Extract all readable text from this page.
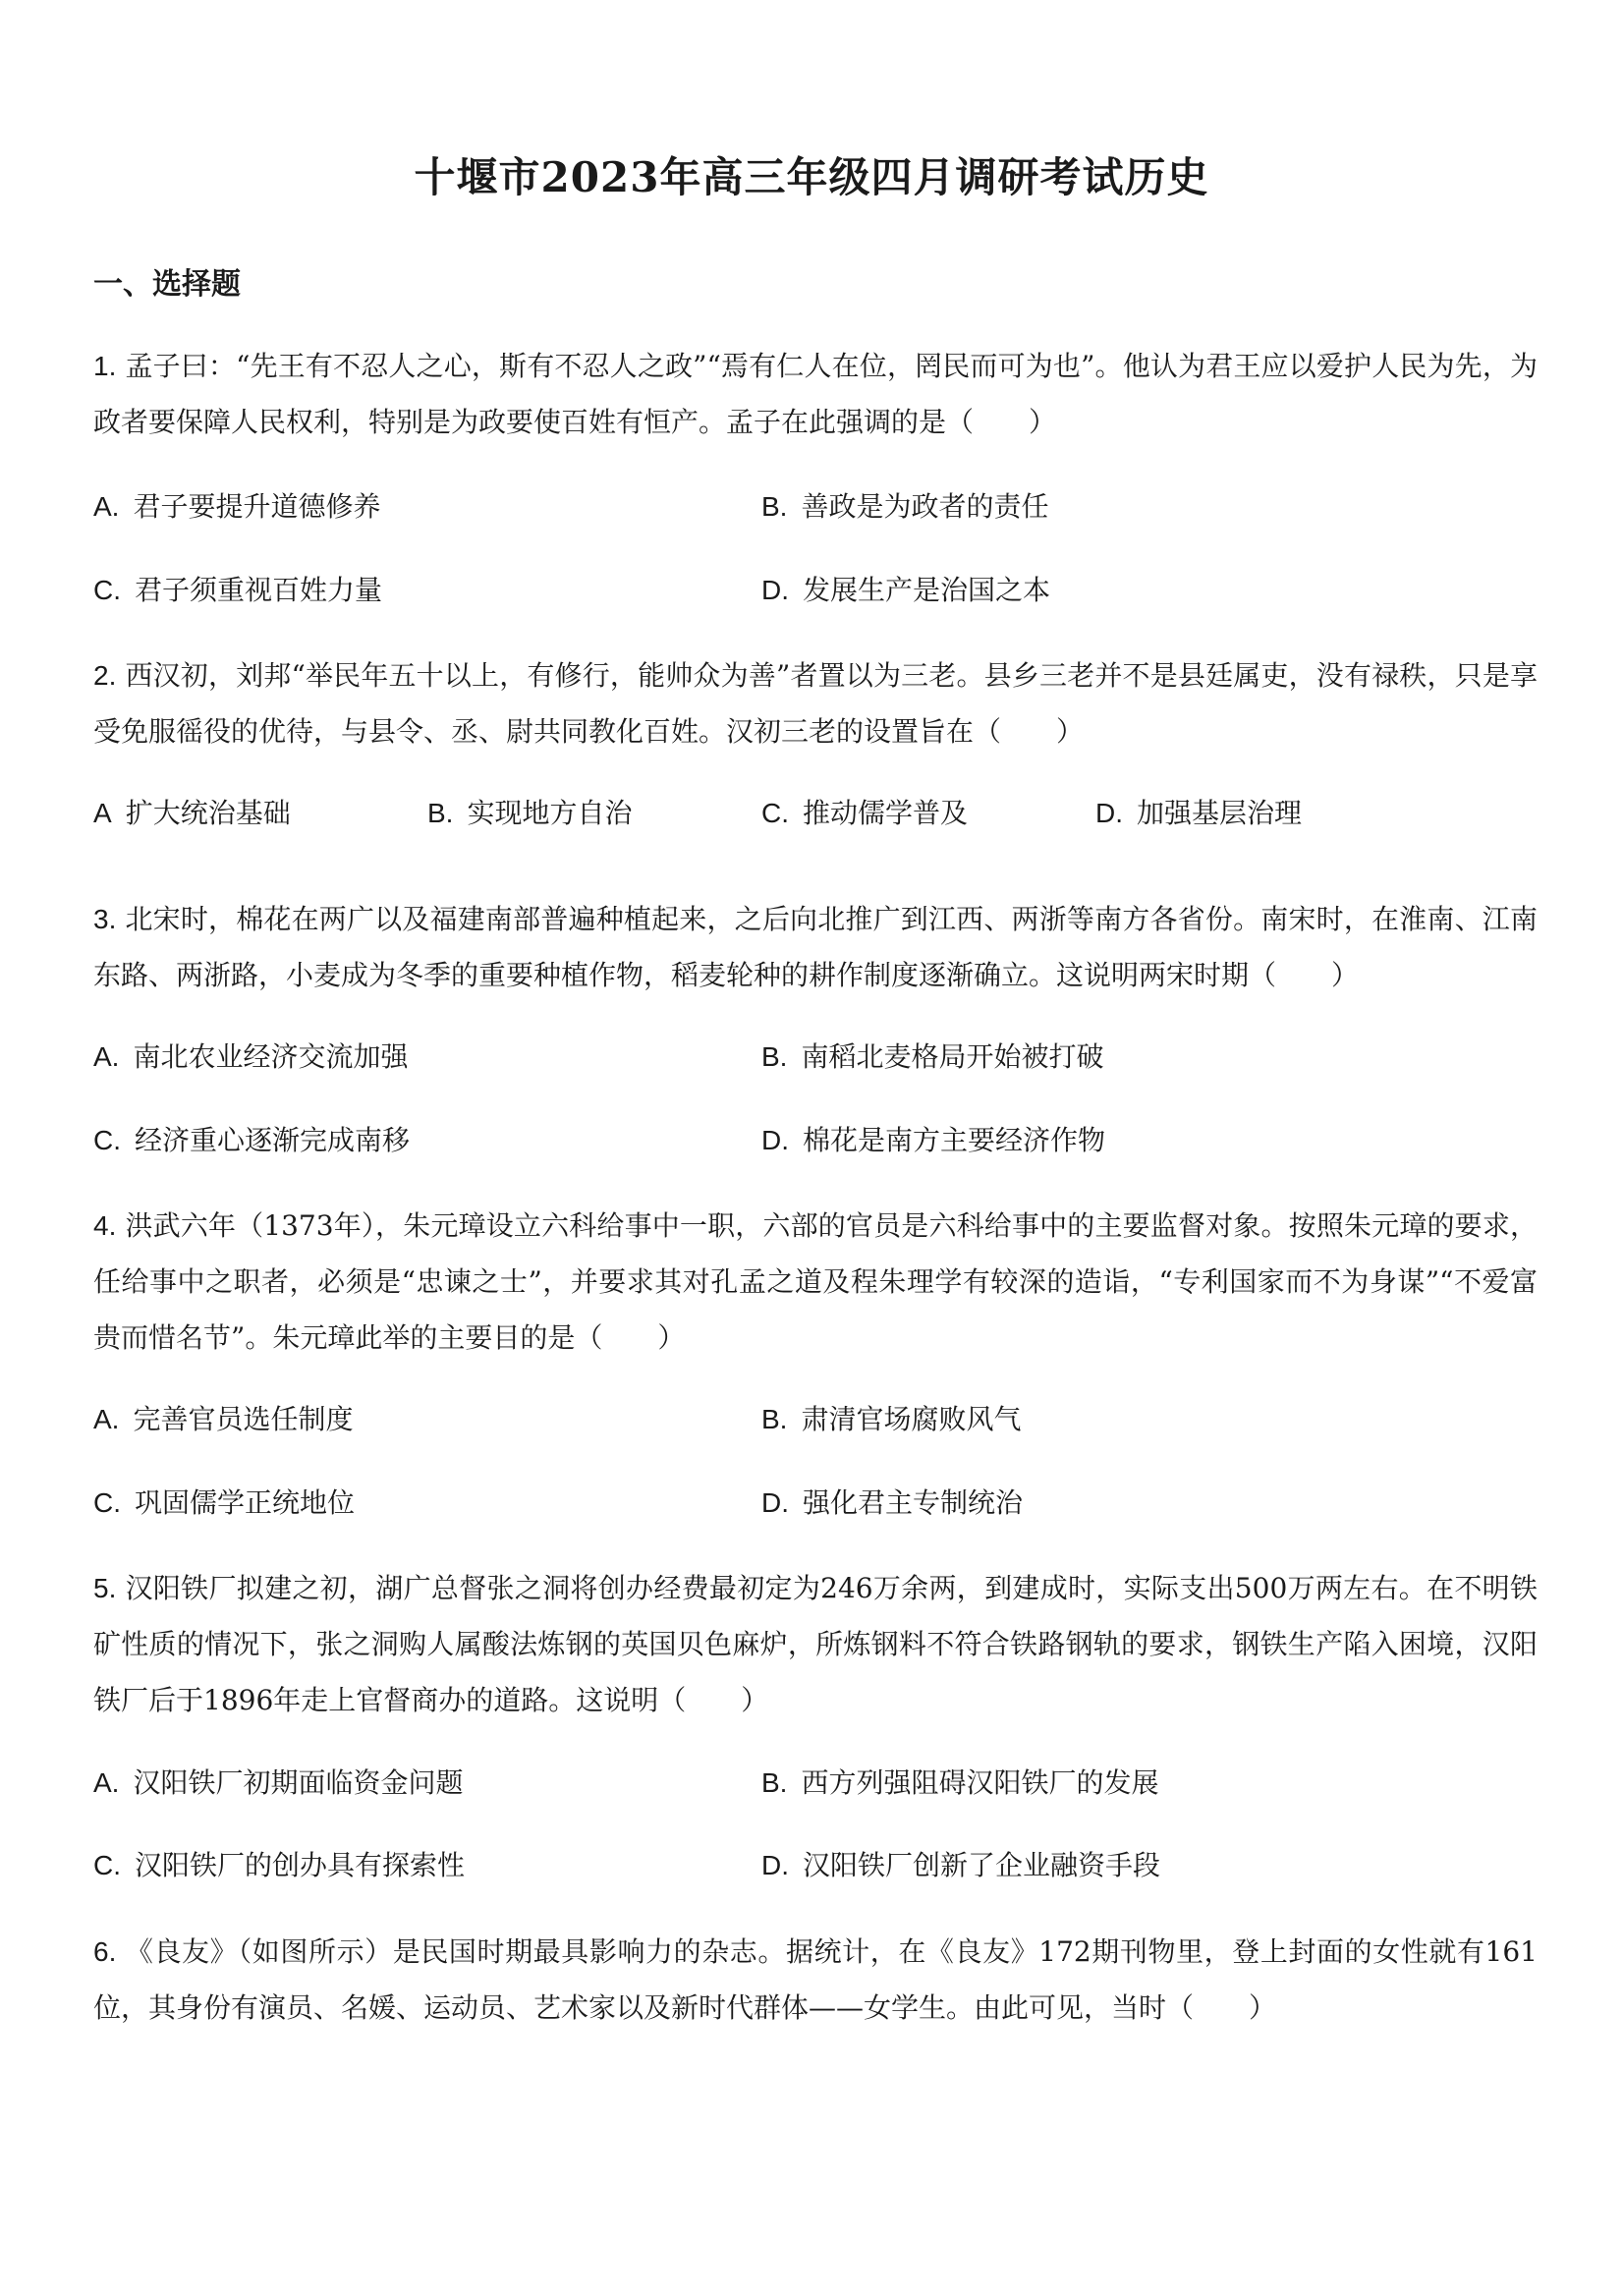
十堰市2023年高三年级四月调研考试历史
一、选择题
1. 孟子曰：“先王有不忍人之心，斯有不忍人之政”“焉有仁人在位，罔民而可为也”。他认为君王应以爱护人民为先，为政者要保障人民权利，特别是为政要使百姓有恒产。孟子在此强调的是（　　）
A. 君子要提升道德修养	B. 善政是为政者的责任
C. 君子须重视百姓力量	D. 发展生产是治国之本
2. 西汉初，刘邦“举民年五十以上，有修行，能帅众为善”者置以为三老。县乡三老并不是县廷属吏，没有禄秩，只是享受免服徭役的优待，与县令、丞、尉共同教化百姓。汉初三老的设置旨在（　　）
A 扩大统治基础	B. 实现地方自治	C. 推动儒学普及	D. 加强基层治理
3. 北宋时，棉花在两广以及福建南部普遍种植起来，之后向北推广到江西、两浙等南方各省份。南宋时，在淮南、江南东路、两浙路，小麦成为冬季的重要种植作物，稻麦轮种的耕作制度逐渐确立。这说明两宋时期（　　）
A. 南北农业经济交流加强	B. 南稻北麦格局开始被打破
C. 经济重心逐渐完成南移	D. 棉花是南方主要经济作物
4. 洪武六年（1373年），朱元璋设立六科给事中一职，六部的官员是六科给事中的主要监督对象。按照朱元璋的要求，任给事中之职者，必须是“忠谏之士”，并要求其对孔孟之道及程朱理学有较深的造诣，“专利国家而不为身谋”“不爱富贵而惜名节”。朱元璋此举的主要目的是（　　）
A. 完善官员选任制度	B. 肃清官场腐败风气
C. 巩固儒学正统地位	D. 强化君主专制统治
5. 汉阳铁厂拟建之初，湖广总督张之洞将创办经费最初定为246万余两，到建成时，实际支出500万两左右。在不明铁矿性质的情况下，张之洞购人属酸法炼钢的英国贝色麻炉，所炼钢料不符合铁路钢轨的要求，钢铁生产陷入困境，汉阳铁厂后于1896年走上官督商办的道路。这说明（　　）
A. 汉阳铁厂初期面临资金问题	B. 西方列强阻碍汉阳铁厂的发展
C. 汉阳铁厂的创办具有探索性	D. 汉阳铁厂创新了企业融资手段
6. 《良友》（如图所示）是民国时期最具影响力的杂志。据统计，在《良友》172期刊物里，登上封面的女性就有161位，其身份有演员、名媛、运动员、艺术家以及新时代群体——女学生。由此可见，当时（　　）
